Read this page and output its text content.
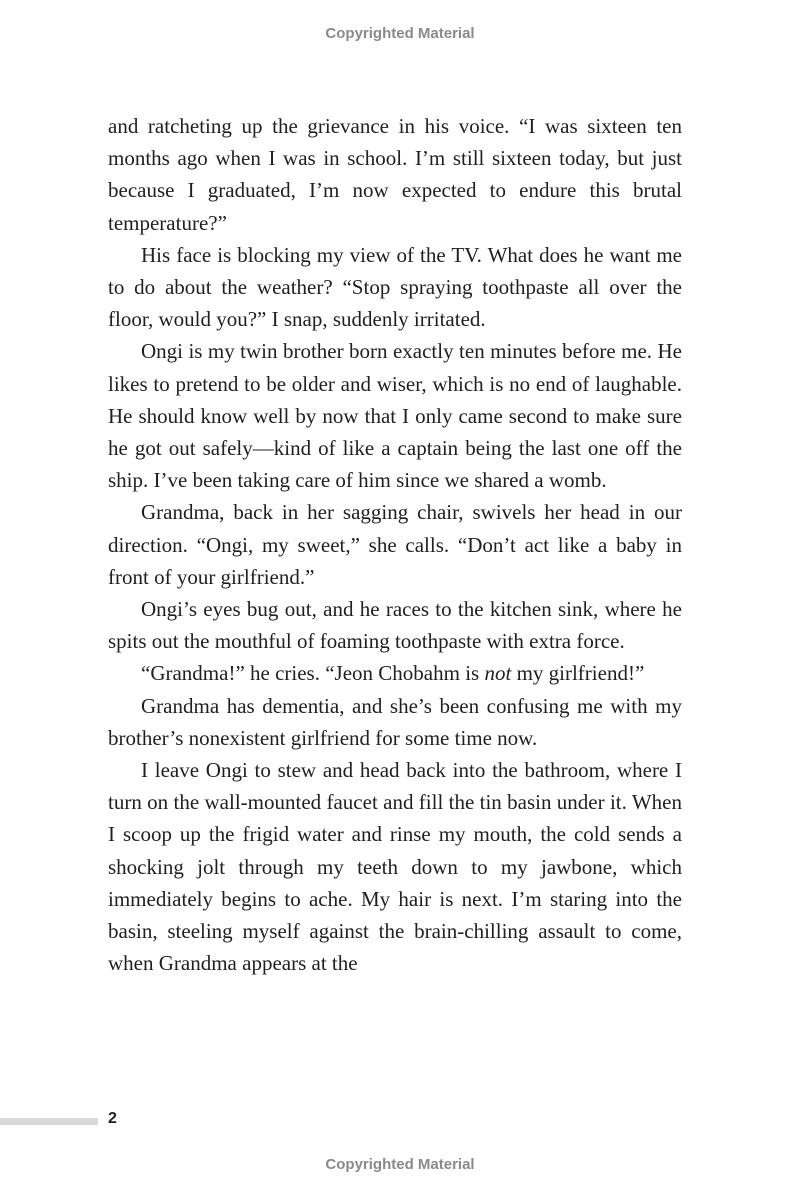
Copyrighted Material

and ratcheting up the grievance in his voice. “I was sixteen ten months ago when I was in school. I’m still sixteen today, but just because I graduated, I’m now expected to endure this brutal temperature?”

His face is blocking my view of the TV. What does he want me to do about the weather? “Stop spraying toothpaste all over the floor, would you?” I snap, suddenly irritated.

Ongi is my twin brother born exactly ten minutes before me. He likes to pretend to be older and wiser, which is no end of laughable. He should know well by now that I only came second to make sure he got out safely—kind of like a captain being the last one off the ship. I’ve been taking care of him since we shared a womb.

Grandma, back in her sagging chair, swivels her head in our direction. “Ongi, my sweet,” she calls. “Don’t act like a baby in front of your girlfriend.”

Ongi’s eyes bug out, and he races to the kitchen sink, where he spits out the mouthful of foaming toothpaste with extra force.

“Grandma!” he cries. “Jeon Chobahm is not my girlfriend!”

Grandma has dementia, and she’s been confusing me with my brother’s nonexistent girlfriend for some time now.

I leave Ongi to stew and head back into the bathroom, where I turn on the wall-mounted faucet and fill the tin basin under it. When I scoop up the frigid water and rinse my mouth, the cold sends a shocking jolt through my teeth down to my jawbone, which immediately begins to ache. My hair is next. I’m staring into the basin, steeling myself against the brain-chilling assault to come, when Grandma appears at the

2

Copyrighted Material
